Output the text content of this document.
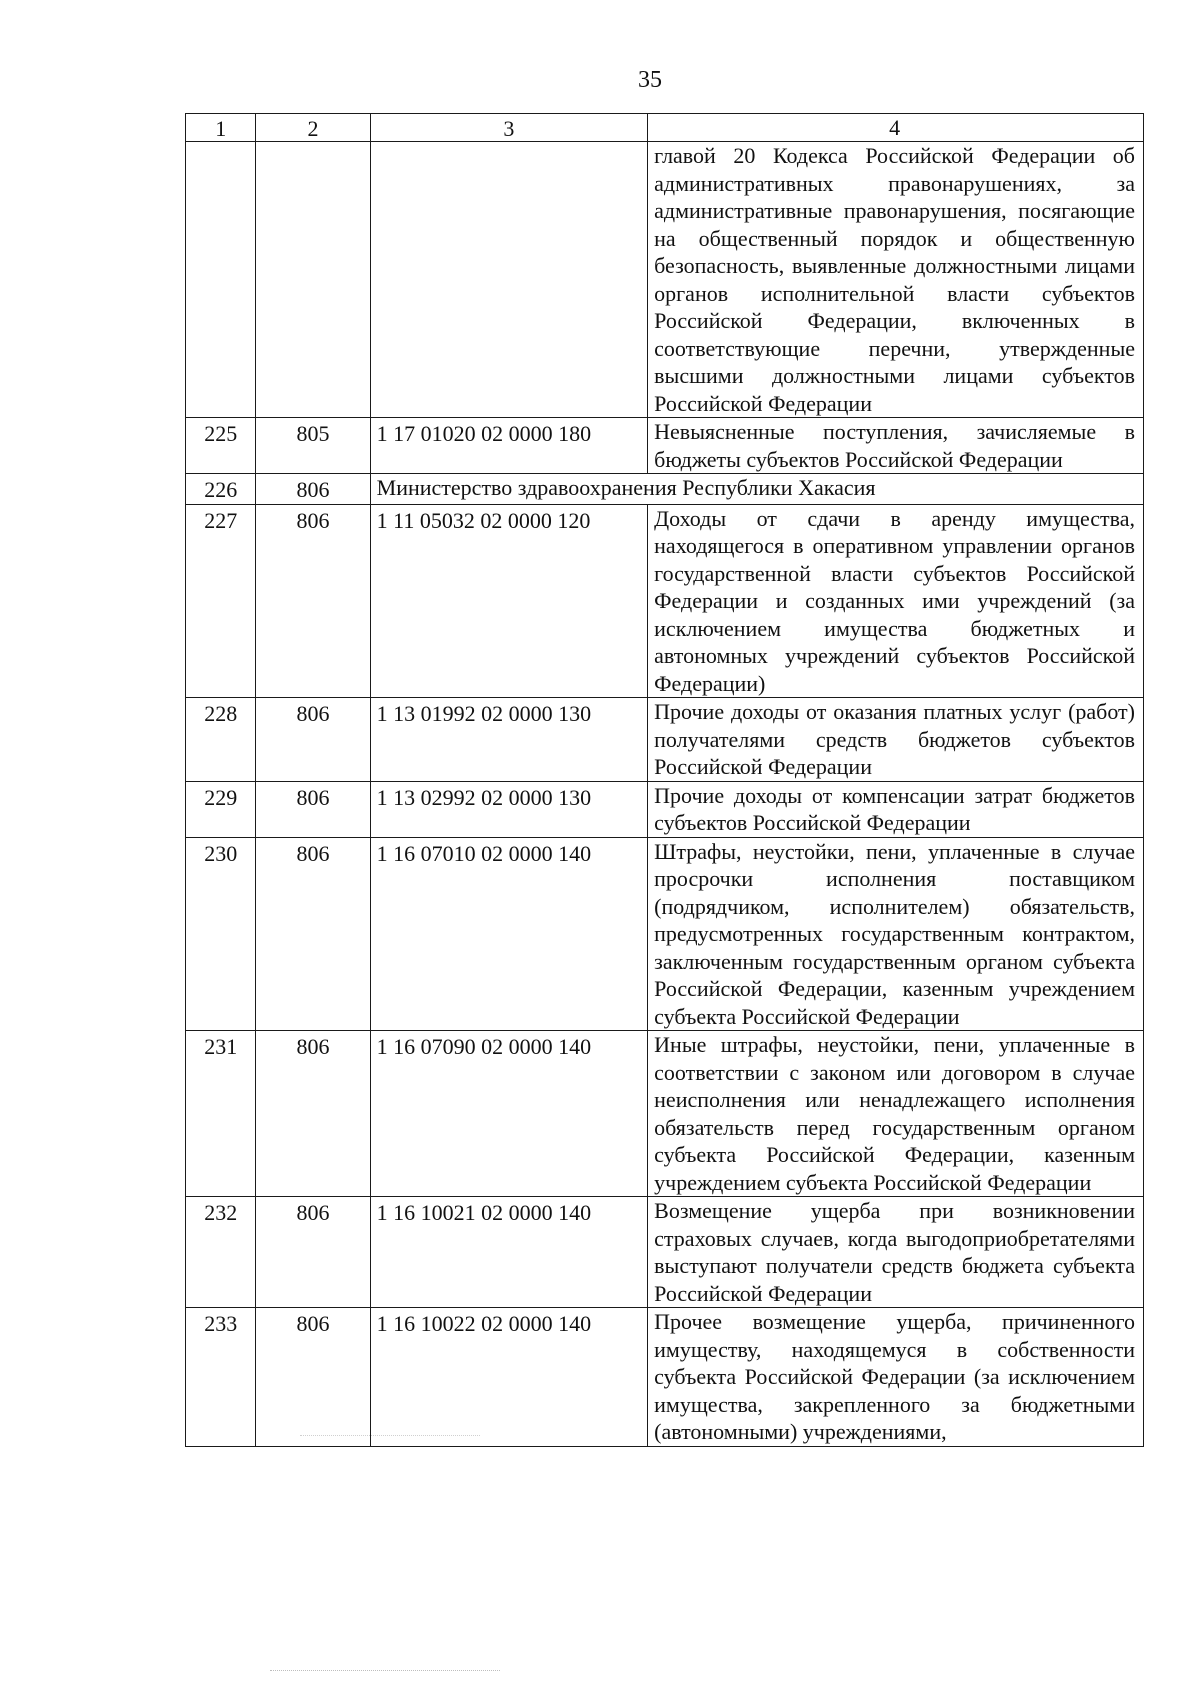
35
1	2	3	4
			главой 20 Кодекса Российской Федерации об административных правонарушениях, за административные правонарушения, посягающие на общественный порядок и общественную безопасность, выявленные должностными лицами органов исполнительной власти субъектов Российской Федерации, включенных в соответствующие перечни, утвержденные высшими должностными лицами субъектов Российской Федерации
225	805	1 17 01020 02 0000 180	Невыясненные поступления, зачисляемые в бюджеты субъектов Российской Федерации
226	806	Министерство здравоохранения Республики Хакасия	
227	806	1 11 05032 02 0000 120	Доходы от сдачи в аренду имущества, находящегося в оперативном управлении органов государственной власти субъектов Российской Федерации и созданных ими учреждений (за исключением имущества бюджетных и автономных учреждений субъектов Российской Федерации)
228	806	1 13 01992 02 0000 130	Прочие доходы от оказания платных услуг (работ) получателями средств бюджетов субъектов Российской Федерации
229	806	1 13 02992 02 0000 130	Прочие доходы от компенсации затрат бюджетов субъектов Российской Федерации
230	806	1 16 07010 02 0000 140	Штрафы, неустойки, пени, уплаченные в случае просрочки исполнения поставщиком (подрядчиком, исполнителем) обязательств, предусмотренных государственным контрактом, заключенным государственным органом субъекта Российской Федерации, казенным учреждением субъекта Российской Федерации
231	806	1 16 07090 02 0000 140	Иные штрафы, неустойки, пени, уплаченные в соответствии с законом или договором в случае неисполнения или ненадлежащего исполнения обязательств перед государственным органом субъекта Российской Федерации, казенным учреждением субъекта Российской Федерации
232	806	1 16 10021 02 0000 140	Возмещение ущерба при возникновении страховых случаев, когда выгодоприобретателями выступают получатели средств бюджета субъекта Российской Федерации
233	806	1 16 10022 02 0000 140	Прочее возмещение ущерба, причиненного имуществу, находящемуся в собственности субъекта Российской Федерации (за исключением имущества, закрепленного за бюджетными (автономными) учреждениями,
